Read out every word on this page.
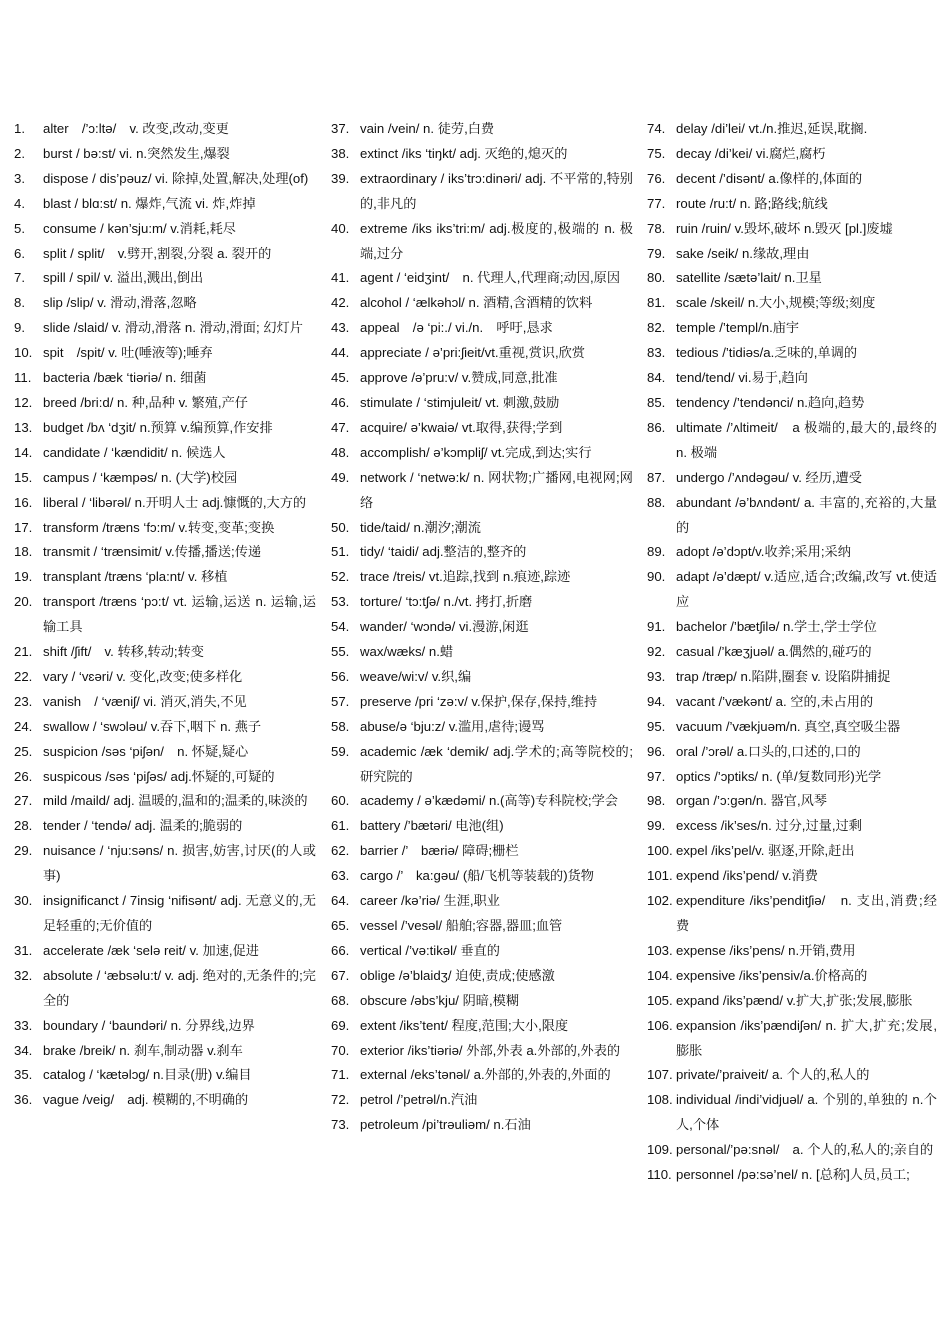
1.	alter　/’ɔ:ltə/　v. 改变,改动,变更
2.	burst / bə:st/ vi. n.突然发生,爆裂
3.	dispose / dis’pəuz/ vi. 除掉,处置,解决,处理(of)
4.	blast / blɑ:st/ n. 爆炸,气流 vi. 炸,炸掉
5.	consume / kən’sju:m/ v.消耗,耗尽
6.	split / split/　v.劈开,割裂,分裂 a. 裂开的
7.	spill / spil/ v. 溢出,溅出,倒出
8.	slip /slip/ v. 滑动,滑落,忽略
9.	slide /slaid/ v. 滑动,滑落 n. 滑动,滑面; 幻灯片
10. spit　/spit/ v. 吐(唾液等);唾弃
11. bacteria /bæk ‘tiəriə/ n. 细菌
12. breed /bri:d/ n. 种,品种 v. 繁殖,产仔
13. budget /bʌ ‘dʒit/ n.预算 v.编预算,作安排
14. candidate / ‘kændidit/ n. 候选人
15. campus / ‘kæmpəs/ n. (大学)校园
16. liberal / ‘libərəl/ n.开明人士 adj.慷慨的,大方的
17. transform /træns ‘fɔ:m/ v.转变,变革;变换
18. transmit / ‘trænsimit/ v.传播,播送;传递
19. transplant /træns ‘pla:nt/ v. 移植
20. transport /træns ‘pɔ:t/ vt. 运输,运送 n. 运输,运输工具
21. shift /ʃift/　v. 转移,转动;转变
22. vary / ‘vɛəri/ v. 变化,改变;使多样化
23. vanish　/ ‘væniʃ/ vi. 消灭,消失,不见
24. swallow / ‘swɔləu/ v.吞下,咽下 n. 燕子
25. suspicion /səs ‘piʃən/　n. 怀疑,疑心
26. suspicous /səs ‘piʃəs/ adj.怀疑的,可疑的
27. mild /maild/ adj. 温暖的,温和的;温柔的,味淡的
28. tender / ‘tendə/ adj. 温柔的;脆弱的
29. nuisance / ‘nju:səns/ n. 损害,妨害,讨厌(的人或事)
30. insignificanct / 7insig ‘nifisənt/ adj. 无意义的,无足轻重的;无价值的
31. accelerate /æk ‘selə reit/ v. 加速,促进
32. absolute / ‘æbsəlu:t/ v. adj. 绝对的,无条件的;完全的
33. boundary / ‘baundəri/ n. 分界线,边界
34. brake /breik/ n. 刹车,制动器 v.刹车
35. catalog / ‘kætəlɔg/ n.目录(册) v.编目
36. vague /veig/　adj. 模糊的,不明确的
37. vain /vein/ n. 徒劳,白费
38. extinct /iks ‘tiŋkt/ adj. 灭绝的,熄灭的
39. extraordinary / iks’trɔ:dinəri/ adj. 不平常的,特别的,非凡的
40. extreme /iks iks’tri:m/ adj.极度的,极端的 n. 极端,过分
41. agent / ‘eidʒint/　n. 代理人,代理商;动因,原因
42. alcohol / ‘ælkəhɔl/ n. 酒精,含酒精的饮料
43. appeal　/ə ‘pi:./ vi./n.　呼吁,恳求
44. appreciate / ə’pri:ʃieit/vt.重视,赏识,欣赏
45. approve /ə’pru:v/ v.赞成,同意,批准
46. stimulate / ‘stimjuleit/ vt. 刺激,鼓励
47. acquire/ ə’kwaiə/ vt.取得,获得;学到
48. accomplish/ ə’kɔmpliʃ/ vt.完成,到达;实行
49. network / ‘netwə:k/ n. 网状物;广播网,电视网;网络
50. tide/taid/ n.潮汐;潮流
51. tidy/ ‘taidi/ adj.整洁的,整齐的
52. trace /treis/ vt.追踪,找到 n.痕迹,踪迹
53. torture/ ‘tɔ:tʃə/ n./vt. 拷打,折磨
54. wander/ ‘wɔndə/ vi.漫游,闲逛
55. wax/wæks/ n.蜡
56. weave/wi:v/ v.织,编
57. preserve /pri ‘zə:v/ v.保护,保存,保持,维持
58. abuse/ə ‘bju:z/ v.滥用,虐待;谩骂
59. academic /æk ‘demik/ adj.学术的;高等院校的;研究院的
60. academy / ə’kædəmi/ n.(高等)专科院校;学会
61. battery /’bætəri/ 电池(组)
62. barrier /’　bæriə/ 障碍;栅栏
63. cargo /’　ka:gəu/ (船/飞机等装载的)货物
64. career /kə’riə/ 生涯,职业
65. vessel /’vesəl/ 船舶;容器,器皿;血管
66. vertical /’və:tikəl/ 垂直的
67. oblige /ə’blaidʒ/ 迫使,责成;使感激
68. obscure /əbs’kju/ 阴暗,模糊
69. extent /iks’tent/ 程度,范围;大小,限度
70. exterior /iks’tiəriə/ 外部,外表 a.外部的,外表的
71. external /eks’tənəl/ a.外部的,外表的,外面的
72. petrol /’petrəl/n.汽油
73. petroleum /pi’trəuliəm/ n.石油
74. delay /di’lei/ vt./n.推迟,延误,耽搁.
75. decay /di’kei/ vi.腐烂,腐朽
76. decent /’disənt/ a.像样的,体面的
77. route /ru:t/ n. 路;路线;航线
78. ruin /ruin/ v.毁坏,破坏 n.毁灭 [pl.]废墟
79. sake /seik/ n.缘故,理由
80. satellite /sætə’lait/ n.卫星
81. scale /skeil/ n.大小,规模;等级;刻度
82. temple /’templ/n.庙宇
83. tedious /’tidiəs/a.乏味的,单调的
84. tend/tend/ vi.易于,趋向
85. tendency /’tendənci/ n.趋向,趋势
86. ultimate /’ʌltimeit/　a 极端的,最大的,最终的 n. 极端
87. undergo /’ʌndəgəu/ v. 经历,遭受
88. abundant /ə’bʌndənt/ a. 丰富的,充裕的,大量的
89. adopt /ə’dɔpt/v.收养;采用;采纳
90. adapt /ə’dæpt/ v.适应,适合;改编,改写 vt.使适应
91. bachelor /’bætʃilə/ n.学士,学士学位
92. casual /’kæʒjuəl/ a.偶然的,碰巧的
93. trap /træp/ n.陷阱,圈套 v. 设陷阱捕捉
94. vacant /’vækənt/ a. 空的,未占用的
95. vacuum /’vækjuəm/n. 真空,真空吸尘器
96. oral /’ɔrəl/ a.口头的,口述的,口的
97. optics /’ɔptiks/ n. (单/复数同形)光学
98. organ /’ɔ:gən/n. 器官,风琴
99. excess /ik’ses/n. 过分,过量,过剩
100. expel /iks’pel/v. 驱逐,开除,赶出
101. expend /iks’pend/ v.消费
102. expenditure /iks’penditʃiə/　n. 支出,消费;经费
103. expense /iks’pens/ n.开销,费用
104. expensive /iks’pensiv/a.价格高的
105. expand /iks’pænd/ v.扩大,扩张;发展,膨胀
106. expansion /iks’pændiʃən/ n. 扩大,扩充;发展,膨胀
107. private/’praiveit/ a. 个人的,私人的
108. individual /indi’vidjuəl/ a. 个别的,单独的 n.个人,个体
109. personal/’pə:snəl/　a. 个人的,私人的;亲自的
110. personnel /pə:sə’nel/ n. [总称]人员,员工;
